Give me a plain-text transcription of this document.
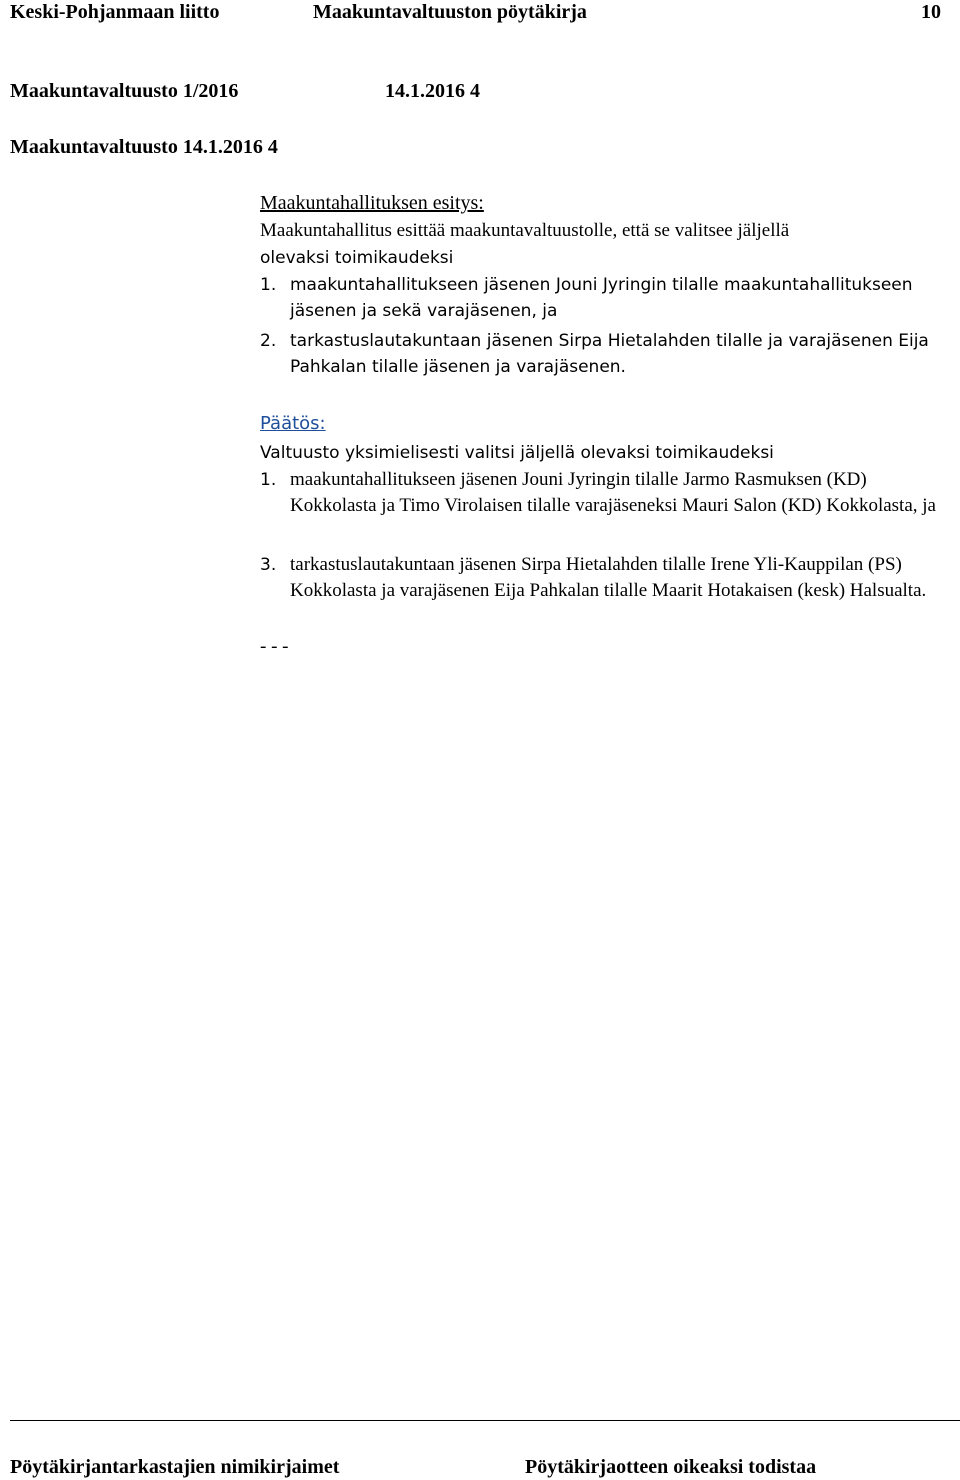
Keski-Pohjanmaan liitto	Maakuntavaltuuston pöytäkirja	10
Maakuntavaltuusto 1/2016	14.1.2016 4
Maakuntavaltuusto 14.1.2016 4
Maakuntahallituksen esitys:
Maakuntahallitus esittää maakuntavaltuustolle, että se valitsee jäljellä
olevaksi toimikaudeksi
1. maakuntahallitukseen jäsenen Jouni Jyringin tilalle maakuntahallitukseen jäsenen ja sekä varajäsenen, ja
2. tarkastuslautakuntaan jäsenen Sirpa Hietalahden tilalle ja varajäsenen Eija Pahkalan tilalle jäsenen ja varajäsenen.
Päätös:
Valtuusto yksimielisesti valitsi jäljellä olevaksi toimikaudeksi
1. maakuntahallitukseen jäsenen Jouni Jyringin tilalle Jarmo Rasmuksen (KD) Kokkolasta ja Timo Virolaisen tilalle varajäseneksi Mauri Salon (KD) Kokkolasta, ja
3. tarkastuslautakuntaan jäsenen Sirpa Hietalahden tilalle Irene Yli-Kauppilan (PS) Kokkolasta ja varajäsenen Eija Pahkalan tilalle Maarit Hotakaisen (kesk) Halsualta.
- - -
Pöytäkirjantarkastajien nimikirjaimet	Pöytäkirjaotteen oikeaksi todistaa
